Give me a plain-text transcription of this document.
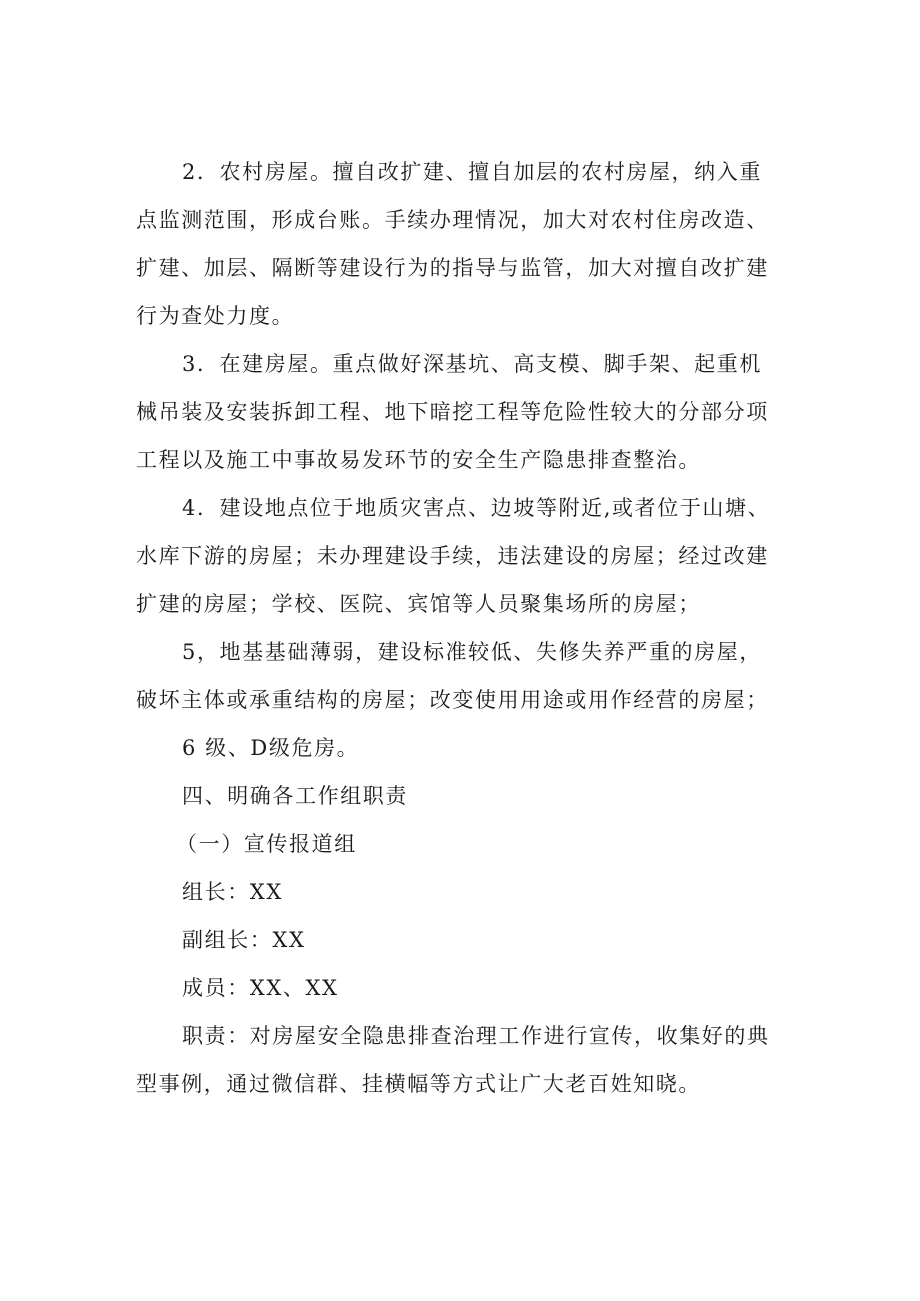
2．农村房屋。擅自改扩建、擅自加层的农村房屋，纳入重
点监测范围，形成台账。手续办理情况，加大对农村住房改造、
扩建、加层、隔断等建设行为的指导与监管，加大对擅自改扩建
行为查处力度。
3．在建房屋。重点做好深基坑、高支模、脚手架、起重机
械吊装及安装拆卸工程、地下暗挖工程等危险性较大的分部分项
工程以及施工中事故易发环节的安全生产隐患排查整治。
4．建设地点位于地质灾害点、边坡等附近,或者位于山塘、
水库下游的房屋；未办理建设手续，违法建设的房屋；经过改建
扩建的房屋；学校、医院、宾馆等人员聚集场所的房屋；
5，地基基础薄弱，建设标准较低、失修失养严重的房屋，
破坏主体或承重结构的房屋；改变使用用途或用作经营的房屋；
6 级、D级危房。
四、明确各工作组职责
（一）宣传报道组
组长：XX
副组长：XX
成员：XX、XX
职责：对房屋安全隐患排查治理工作进行宣传，收集好的典
型事例，通过微信群、挂横幅等方式让广大老百姓知晓。
